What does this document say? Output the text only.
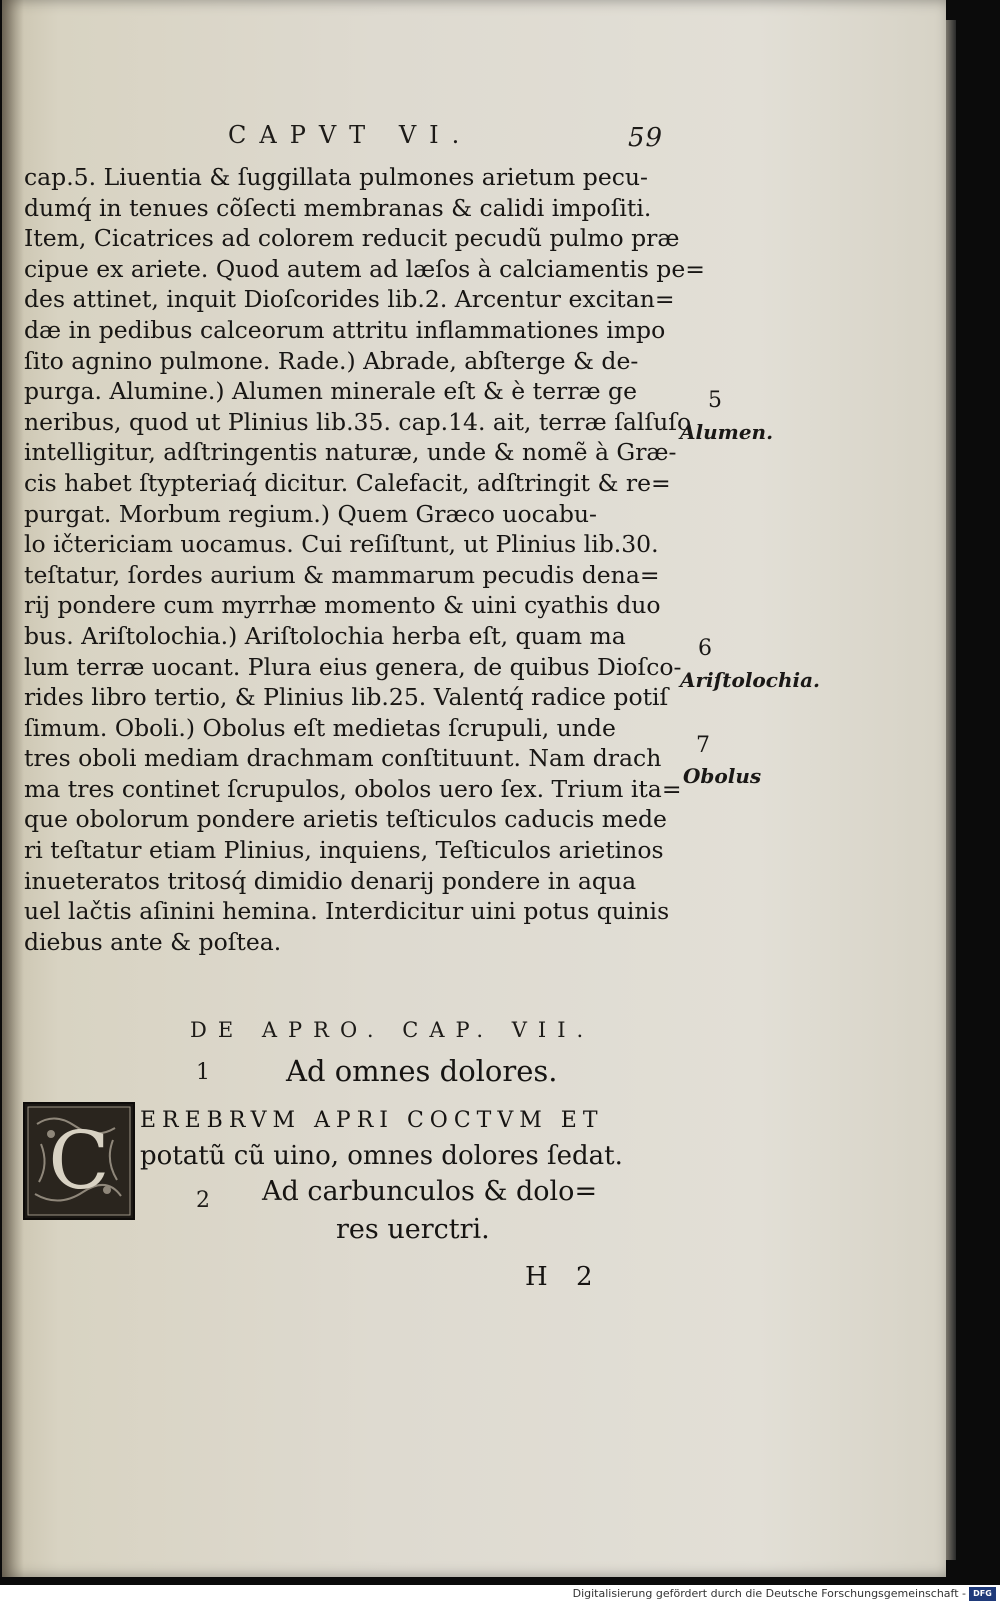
CAPVT VI.	59
cap.5. Liuentia & ſuggillata pulmones arietum pecu-
dumq́ in tenues cõſecti membranas & calidi impoſiti.
Item, Cicatrices ad colorem reducit pecudũ pulmo præ
cipue ex ariete. Quod autem ad læſos à calciamentis pe=
des attinet, inquit Dioſcorides lib.2. Arcentur excitan=
dæ in pedibus calceorum attritu inflammationes impo
ſito agnino pulmone. Rade.) Abrade, abſterge & de-
purga. Alumine.) Alumen minerale eſt & è terræ ge
neribus, quod ut Plinius lib.35. cap.14. ait, terræ ſalſuſo
intelligitur, adſtringentis naturæ, unde & nomẽ à Græ-
cis habet ſtypteriaq́ dicitur. Calefacit, adſtringit & re=
purgat. Morbum regium.) Quem Græco uocabu-
lo ičtericiam uocamus. Cui reſiſtunt, ut Plinius lib.30.
teſtatur, ſordes aurium & mammarum pecudis dena=
rij pondere cum myrrhæ momento & uini cyathis duo
bus. Ariſtolochia.) Ariſtolochia herba eſt, quam ma
lum terræ uocant. Plura eius genera, de quibus Dioſco-
rides libro tertio, & Plinius lib.25. Valentq́ radice potiſ
ſimum. Oboli.) Obolus eſt medietas ſcrupuli, unde
tres oboli mediam drachmam conſtituunt. Nam drach
ma tres continet ſcrupulos, obolos uero ſex. Trium ita=
que obolorum pondere arietis teſticulos caducis mede
ri teſtatur etiam Plinius, inquiens, Teſticulos arietinos
inueteratos tritosq́ dimidio denarij pondere in aqua
uel lačtis aſinini hemina. Interdicitur uini potus quinis
diebus ante & poſtea.
5
Alumen.
6
Ariſtolochia.
7
Obolus
DE APRO. CAP. VII.
1	Ad omnes dolores.
C EREBRVM APRI COCTVM ET
potatũ cũ uino, omnes dolores ſedat.
2 Ad carbunculos & dolo=
res uerctri.
H 2
Digitalisierung gefördert durch die Deutsche Forschungsgemeinschaft - DFG
